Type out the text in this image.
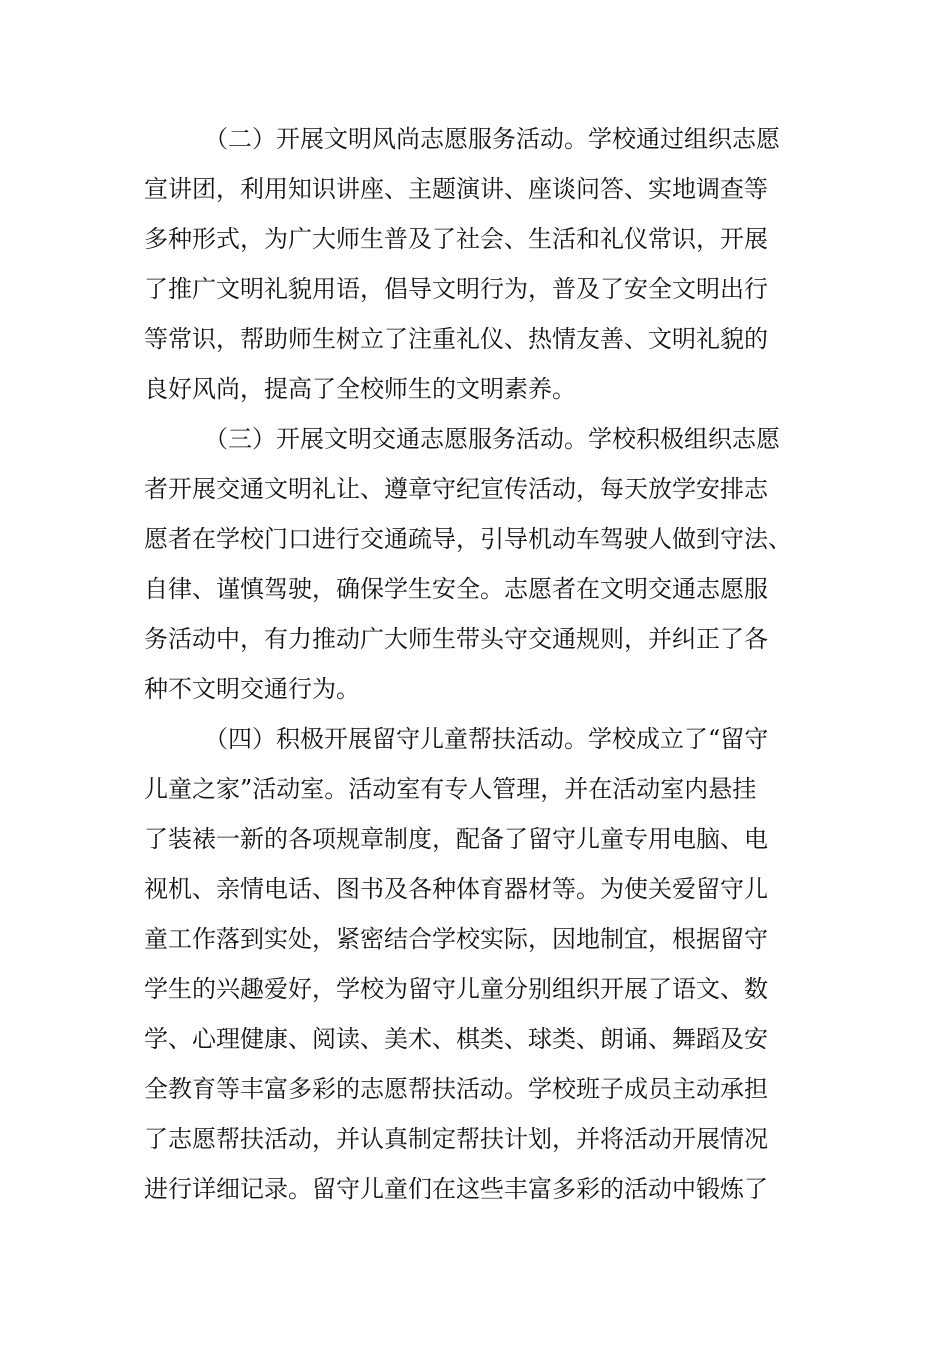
（二）开展文明风尚志愿服务活动。学校通过组织志愿
宣讲团，利用知识讲座、主题演讲、座谈问答、实地调查等
多种形式，为广大师生普及了社会、生活和礼仪常识，开展
了推广文明礼貌用语，倡导文明行为，普及了安全文明出行
等常识，帮助师生树立了注重礼仪、热情友善、文明礼貌的
良好风尚，提高了全校师生的文明素养。
（三）开展文明交通志愿服务活动。学校积极组织志愿
者开展交通文明礼让、遵章守纪宣传活动，每天放学安排志
愿者在学校门口进行交通疏导，引导机动车驾驶人做到守法、
自律、谨慎驾驶，确保学生安全。志愿者在文明交通志愿服
务活动中，有力推动广大师生带头守交通规则，并纠正了各
种不文明交通行为。
（四）积极开展留守儿童帮扶活动。学校成立了“留守
儿童之家”活动室。活动室有专人管理，并在活动室内悬挂
了装裱一新的各项规章制度，配备了留守儿童专用电脑、电
视机、亲情电话、图书及各种体育器材等。为使关爱留守儿
童工作落到实处，紧密结合学校实际，因地制宜，根据留守
学生的兴趣爱好，学校为留守儿童分别组织开展了语文、数
学、心理健康、阅读、美术、棋类、球类、朗诵、舞蹈及安
全教育等丰富多彩的志愿帮扶活动。学校班子成员主动承担
了志愿帮扶活动，并认真制定帮扶计划，并将活动开展情况
进行详细记录。留守儿童们在这些丰富多彩的活动中锻炼了
